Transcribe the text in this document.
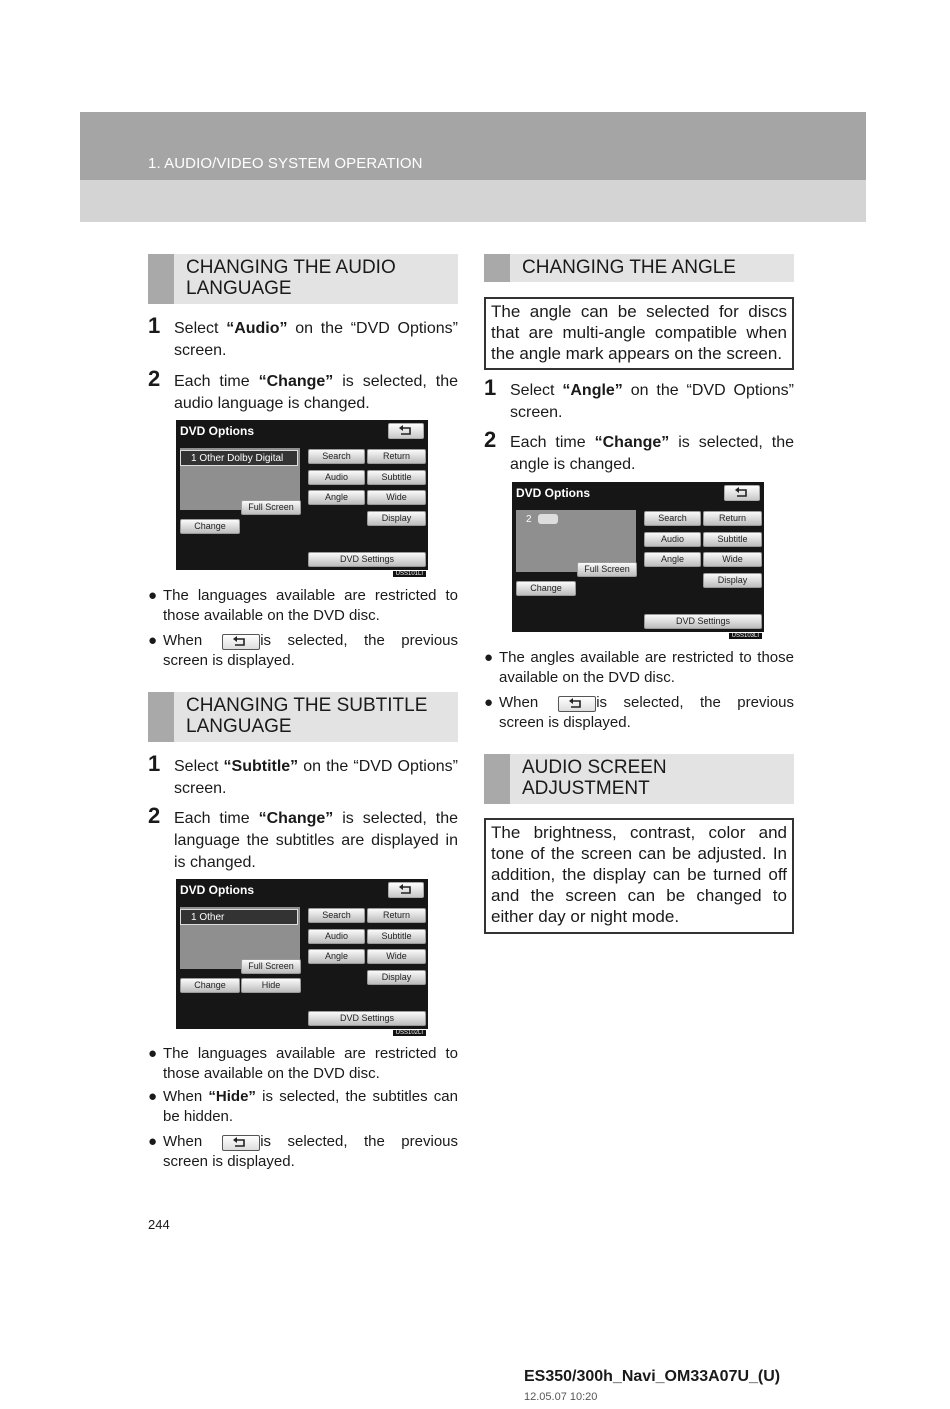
1. AUDIO/VIDEO SYSTEM OPERATION
CHANGING THE AUDIO LANGUAGE
1 Select “Audio” on the “DVD Options” screen.
2 Each time “Change” is selected, the audio language is changed.
DVD Options
1 Other Dolby Digital	Search	Return
Audio	Subtitle
Angle	Wide
Display
Full Screen
Change
DVD Settings
USS101LI
● The languages available are restricted to those available on the DVD disc.
● When	is selected, the previous screen is displayed.
CHANGING THE SUBTITLE LANGUAGE
1 Select “Subtitle” on the “DVD Options” screen.
2 Each time “Change” is selected, the language the subtitles are displayed in is changed.
DVD Options
1 Other	Search	Return
Audio	Subtitle
Angle	Wide
Display
Full Screen
Change	Hide
DVD Settings
USS102LI
● The languages available are restricted to those available on the DVD disc.
● When “Hide” is selected, the subtitles can be hidden.
● When	is selected, the previous screen is displayed.
CHANGING THE ANGLE
The angle can be selected for discs that are multi-angle compatible when the angle mark appears on the screen.
1 Select “Angle” on the “DVD Options” screen.
2 Each time “Change” is selected, the angle is changed.
DVD Options
2	Search	Return
Audio	Subtitle
Angle	Wide
Display
Full Screen
Change
DVD Settings
USS103LI
● The angles available are restricted to those available on the DVD disc.
● When	is selected, the previous screen is displayed.
AUDIO SCREEN ADJUSTMENT
The brightness, contrast, color and tone of the screen can be adjusted. In addition, the display can be turned off and the screen can be changed to either day or night mode.
244
ES350/300h_Navi_OM33A07U_(U)
12.05.07 10:20
